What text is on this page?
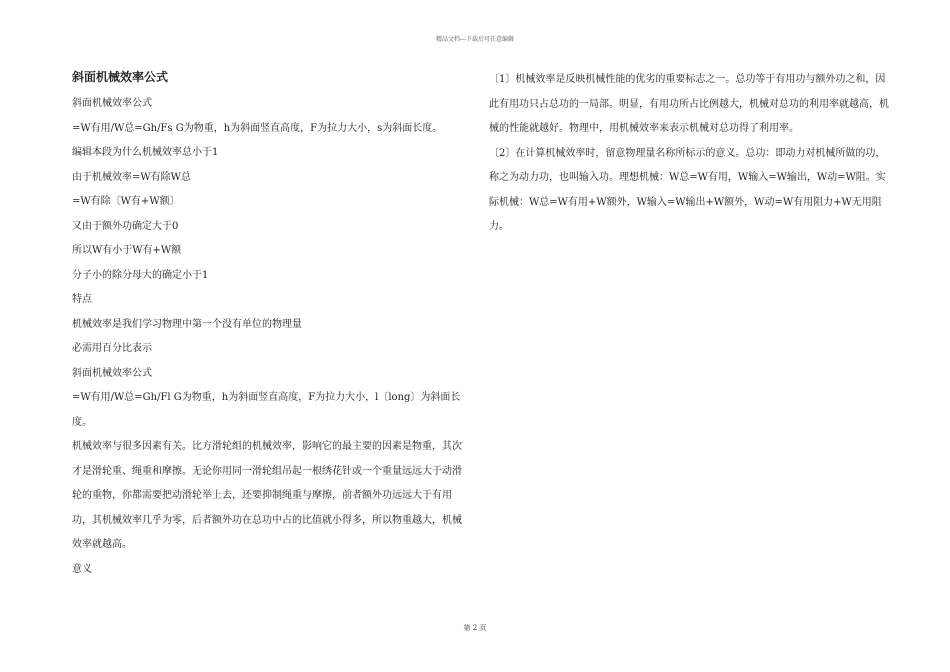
精品文档---下载后可任意编辑
斜面机械效率公式

斜面机械效率公式

=W有用/W总=Gh/Fs G为物重，h为斜面竖直高度，F为拉力大小，s为斜面长度。

编辑本段为什么机械效率总小于1

由于机械效率=W有除W总

=W有除〔W有+W额〕

又由于额外功确定大于0

所以W有小于W有+W额

分子小的除分母大的确定小于1

特点

机械效率是我们学习物理中第一个没有单位的物理量

必需用百分比表示

斜面机械效率公式

=W有用/W总=Gh/Fl G为物重，h为斜面竖直高度，F为拉力大小，l〔long〕为斜面长度。

机械效率与很多因素有关。比方滑轮组的机械效率，影响它的最主要的因素是物重，其次才是滑轮重、绳重和摩擦。无论你用同一滑轮组吊起一根绣花针或一个重量远远大于动滑轮的重物，你都需要把动滑轮举上去，还要抑制绳重与摩擦，前者额外功远远大于有用功，其机械效率几乎为零，后者额外功在总功中占的比值就小得多，所以物重越大，机械效率就越高。

意义

〔1〕机械效率是反映机械性能的优劣的重要标志之一。总功等于有用功与额外功之和，因此有用功只占总功的一局部。明显，有用功所占比例越大，机械对总功的利用率就越高，机械的性能就越好。物理中，用机械效率来表示机械对总功得了利用率。

〔2〕在计算机械效率时，留意物理量名称所标示的意义。总功：即动力对机械所做的功，称之为动力功，也叫输入功。理想机械：W总=W有用，W输入=W输出，W动=W阻。实际机械：W总=W有用+W额外，W输入=W输出+W额外，W动=W有用阻力+W无用阻力。

第 2 页
